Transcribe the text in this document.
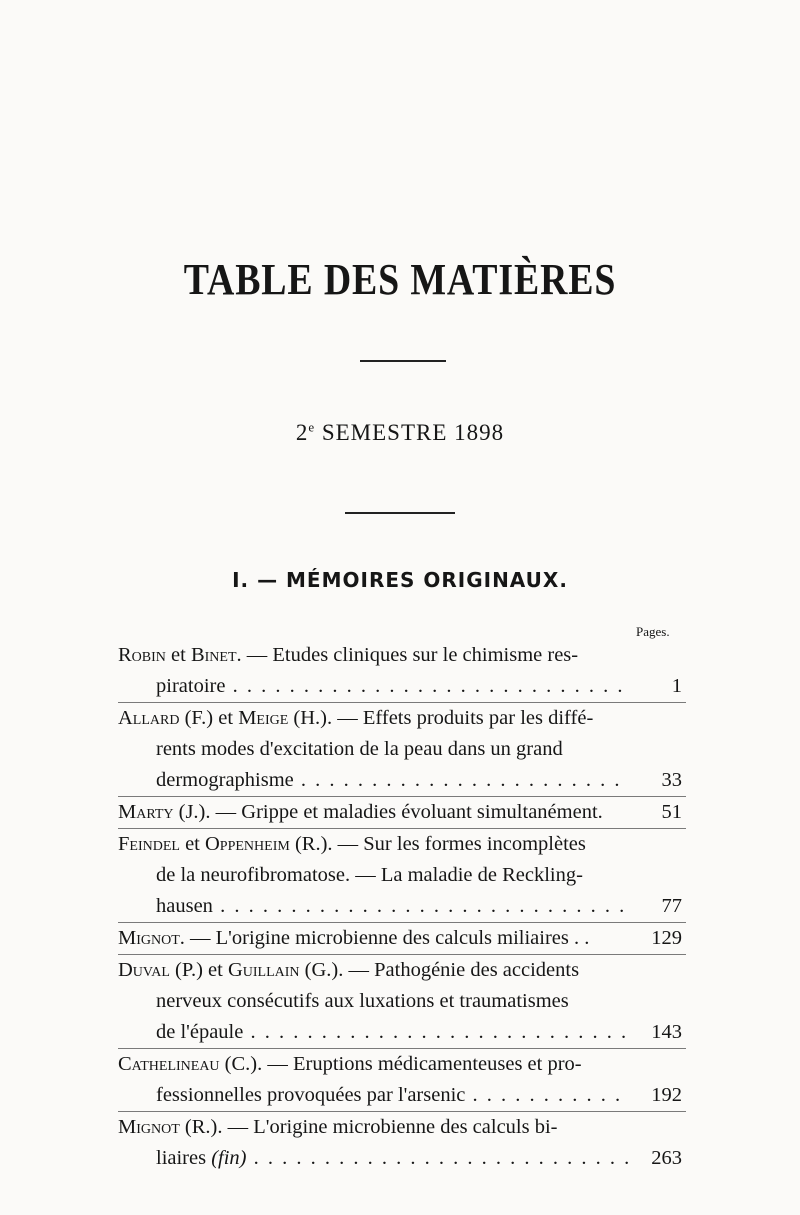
TABLE DES MATIÈRES
2e SEMESTRE 1898
I. — MÉMOIRES ORIGINAUX.
Pages.
Robin et Binet. — Etudes cliniques sur le chimisme res-
piratoire . . .	1
Allard (F.) et Meige (H.). — Effets produits par les diffé-
rents modes d'excitation de la peau dans un grand
dermographisme . . .	33
Marty (J.). — Grippe et maladies évoluant simultanément.	51
Feindel et Oppenheim (R.). — Sur les formes incomplètes
de la neurofibromatose. — La maladie de Reckling-
hausen . . .	77
Mignot. — L'origine microbienne des calculs miliaires . .	129
Duval (P.) et Guillain (G.). — Pathogénie des accidents
nerveux consécutifs aux luxations et traumatismes
de l'épaule . . .	143
Cathelineau (C.). — Eruptions médicamenteuses et pro-
fessionnelles provoquées par l'arsenic . . .	192
Mignot (R.). — L'origine microbienne des calculs bi-
liaires (fin) . . .	263
